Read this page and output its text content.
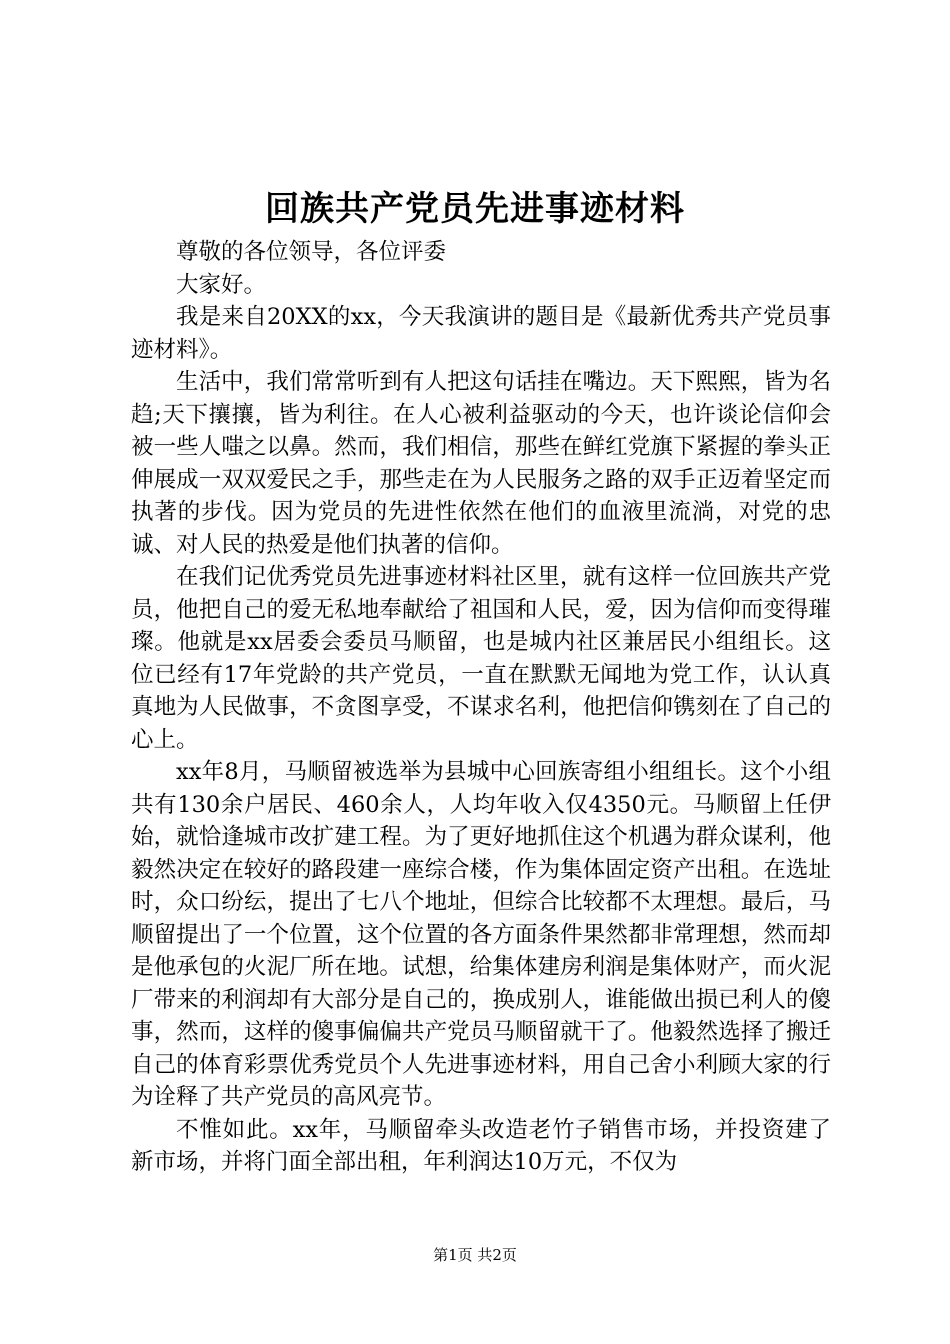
回族共产党员先进事迹材料

尊敬的各位领导，各位评委

大家好。

我是来自20XX的xx，今天我演讲的题目是《最新优秀共产党员事迹材料》。

生活中，我们常常听到有人把这句话挂在嘴边。天下熙熙，皆为名趋;天下攘攘，皆为利往。在人心被利益驱动的今天，也许谈论信仰会被一些人嗤之以鼻。然而，我们相信，那些在鲜红党旗下紧握的拳头正伸展成一双双爱民之手，那些走在为人民服务之路的双手正迈着坚定而执著的步伐。因为党员的先进性依然在他们的血液里流淌，对党的忠诚、对人民的热爱是他们执著的信仰。

在我们记优秀党员先进事迹材料社区里，就有这样一位回族共产党员，他把自己的爱无私地奉献给了祖国和人民，爱，因为信仰而变得璀璨。他就是xx居委会委员马顺留，也是城内社区兼居民小组组长。这位已经有17年党龄的共产党员，一直在默默无闻地为党工作，认认真真地为人民做事，不贪图享受，不谋求名利，他把信仰镌刻在了自己的心上。

xx年8月，马顺留被选举为县城中心回族寄组小组组长。这个小组共有130余户居民、460余人，人均年收入仅4350元。马顺留上任伊始，就恰逢城市改扩建工程。为了更好地抓住这个机遇为群众谋利，他毅然决定在较好的路段建一座综合楼，作为集体固定资产出租。在选址时，众口纷纭，提出了七八个地址，但综合比较都不太理想。最后，马顺留提出了一个位置，这个位置的各方面条件果然都非常理想，然而却是他承包的火泥厂所在地。试想，给集体建房利润是集体财产，而火泥厂带来的利润却有大部分是自己的，换成别人，谁能做出损已利人的傻事，然而，这样的傻事偏偏共产党员马顺留就干了。他毅然选择了搬迁自己的体育彩票优秀党员个人先进事迹材料，用自己舍小利顾大家的行为诠释了共产党员的高风亮节。

不惟如此。xx年，马顺留牵头改造老竹子销售市场，并投资建了新市场，并将门面全部出租，年利润达10万元，不仅为

第1页 共2页
